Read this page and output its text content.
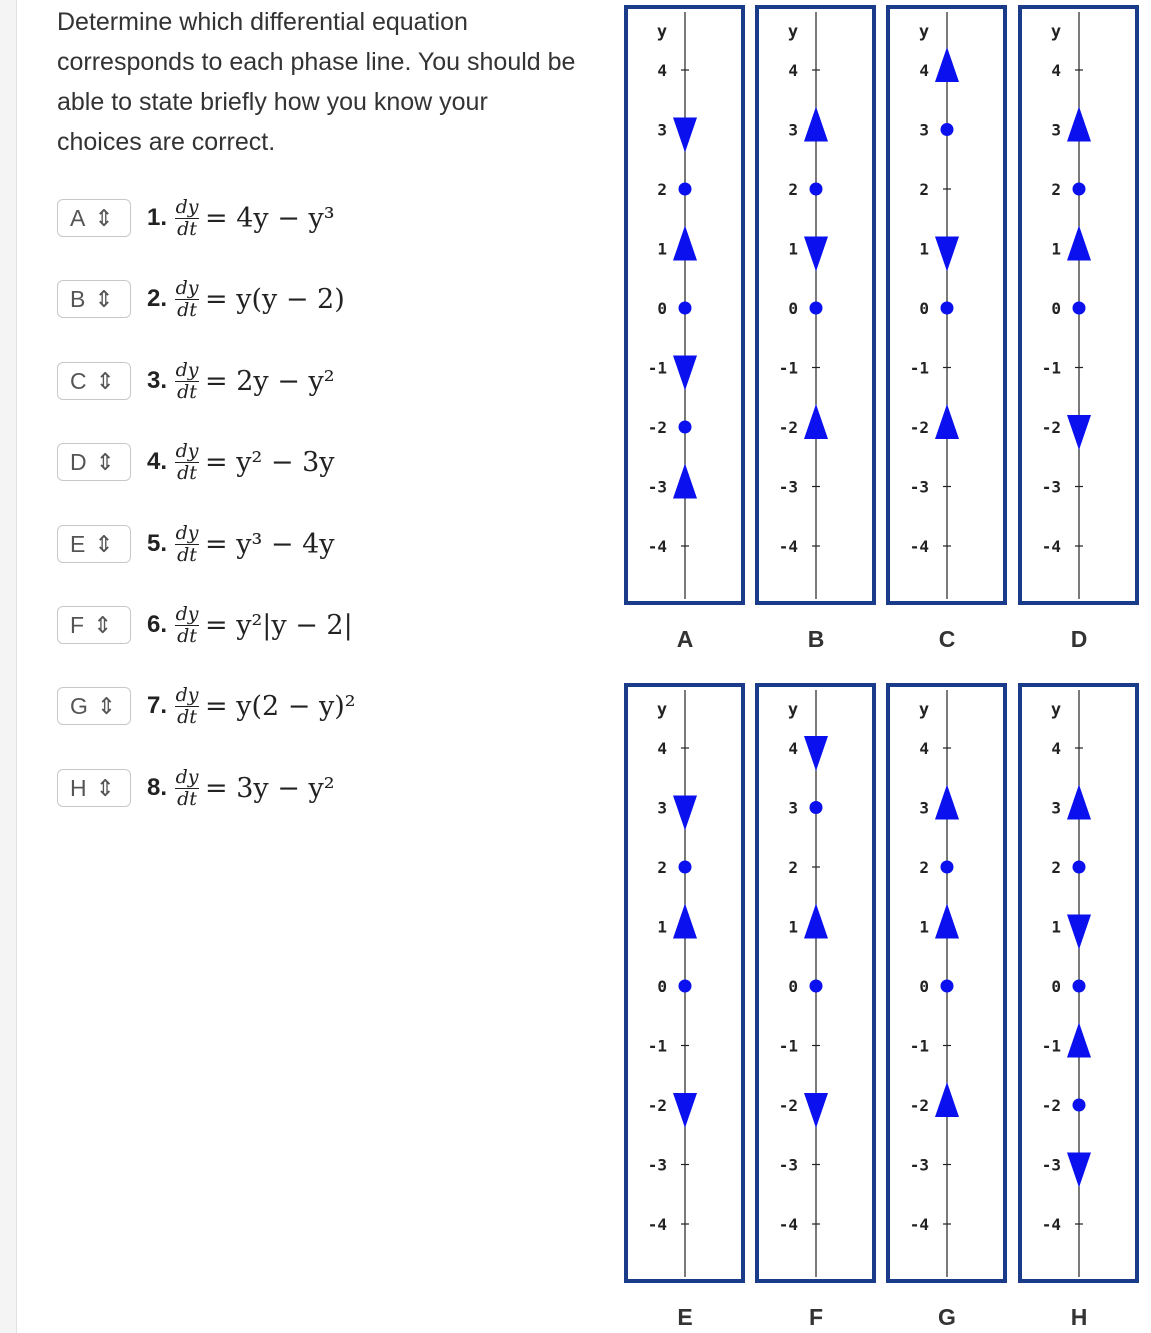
Determine which differential equation corresponds to each phase line. You should be able to state briefly how you know your choices are correct.
A ⇕ 1. $\frac{dy}{dt} = 4y - y^3$
B ⇕ 2. $\frac{dy}{dt} = y(y - 2)$
C ⇕ 3. $\frac{dy}{dt} = 2y - y^2$
D ⇕ 4. $\frac{dy}{dt} = y^2 - 3y$
E ⇕ 5. $\frac{dy}{dt} = y^3 - 4y$
F ⇕ 6. $\frac{dy}{dt} = y^2|y - 2|$
G ⇕ 7. $\frac{dy}{dt} = y(2 - y)^2$
H ⇕ 8. $\frac{dy}{dt} = 3y - y^2$
y
4
3
2
1
0
-1
-2
-3
-4
A
y
4
3
2
1
0
-1
-2
-3
-4
B
y
4
3
2
1
0
-1
-2
-3
-4
C
y
4
3
2
1
0
-1
-2
-3
-4
D
y
4
3
2
1
0
-1
-2
-3
-4
E
y
4
3
2
1
0
-1
-2
-3
-4
F
y
4
3
2
1
0
-1
-2
-3
-4
G
y
4
3
2
1
0
-1
-2
-3
-4
H
